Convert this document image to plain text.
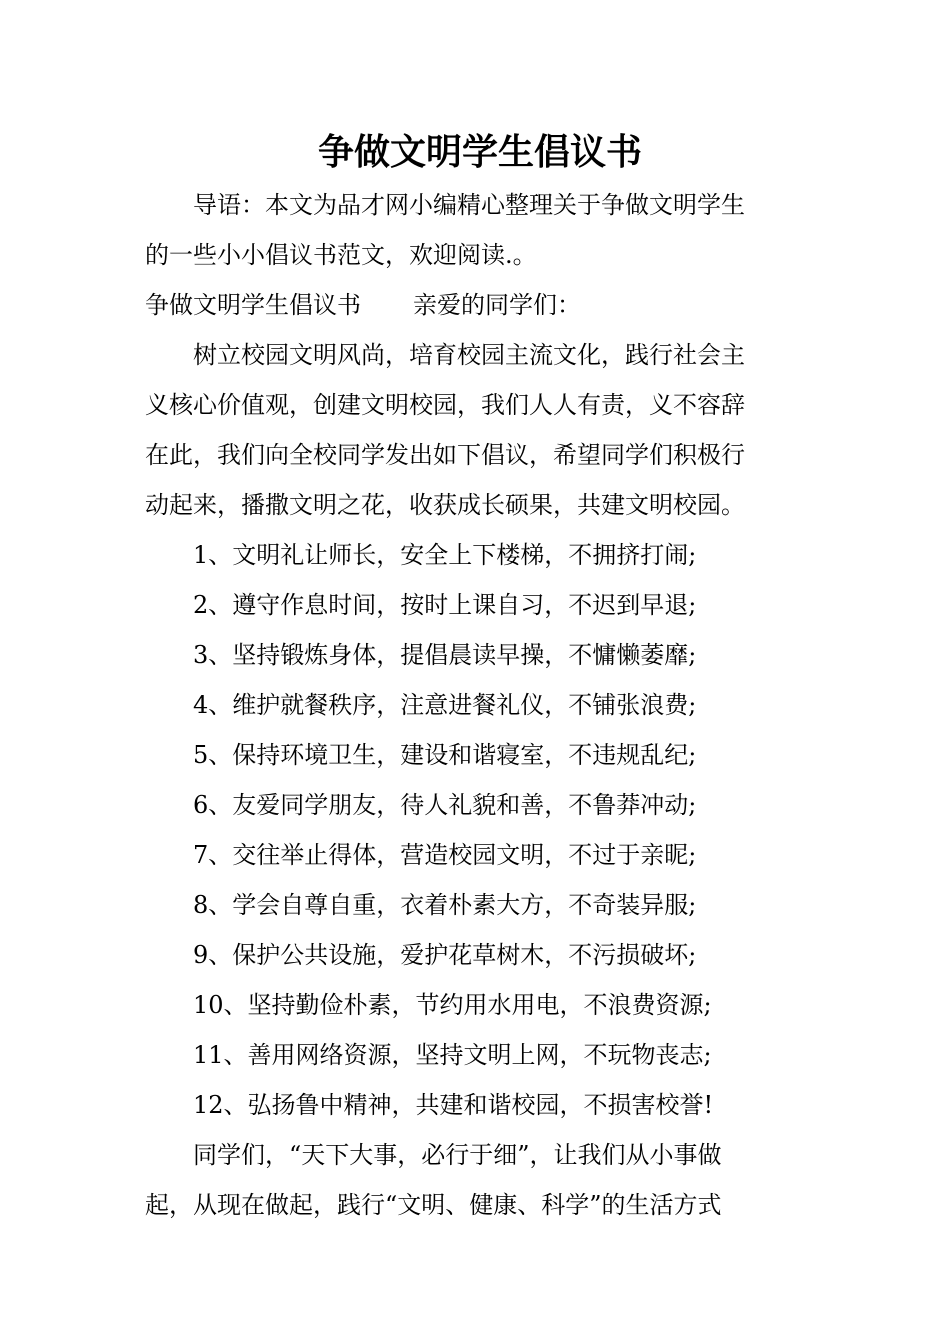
争做文明学生倡议书
导语：本文为品才网小编精心整理关于争做文明学生
的一些小小倡议书范文，欢迎阅读.。
争做文明学生倡议书 亲爱的同学们：
树立校园文明风尚，培育校园主流文化，践行社会主
义核心价值观，创建文明校园，我们人人有责，义不容辞
在此，我们向全校同学发出如下倡议，希望同学们积极行
动起来，播撒文明之花，收获成长硕果，共建文明校园。
1、文明礼让师长，安全上下楼梯，不拥挤打闹;
2、遵守作息时间，按时上课自习，不迟到早退;
3、坚持锻炼身体，提倡晨读早操，不慵懒萎靡;
4、维护就餐秩序，注意进餐礼仪，不铺张浪费;
5、保持环境卫生，建设和谐寝室，不违规乱纪;
6、友爱同学朋友，待人礼貌和善，不鲁莽冲动;
7、交往举止得体，营造校园文明，不过于亲昵;
8、学会自尊自重，衣着朴素大方，不奇装异服;
9、保护公共设施，爱护花草树木，不污损破坏;
10、坚持勤俭朴素，节约用水用电，不浪费资源;
11、善用网络资源，坚持文明上网，不玩物丧志;
12、弘扬鲁中精神，共建和谐校园，不损害校誉!
同学们，“天下大事，必行于细”，让我们从小事做
起，从现在做起，践行“文明、健康、科学”的生活方式
